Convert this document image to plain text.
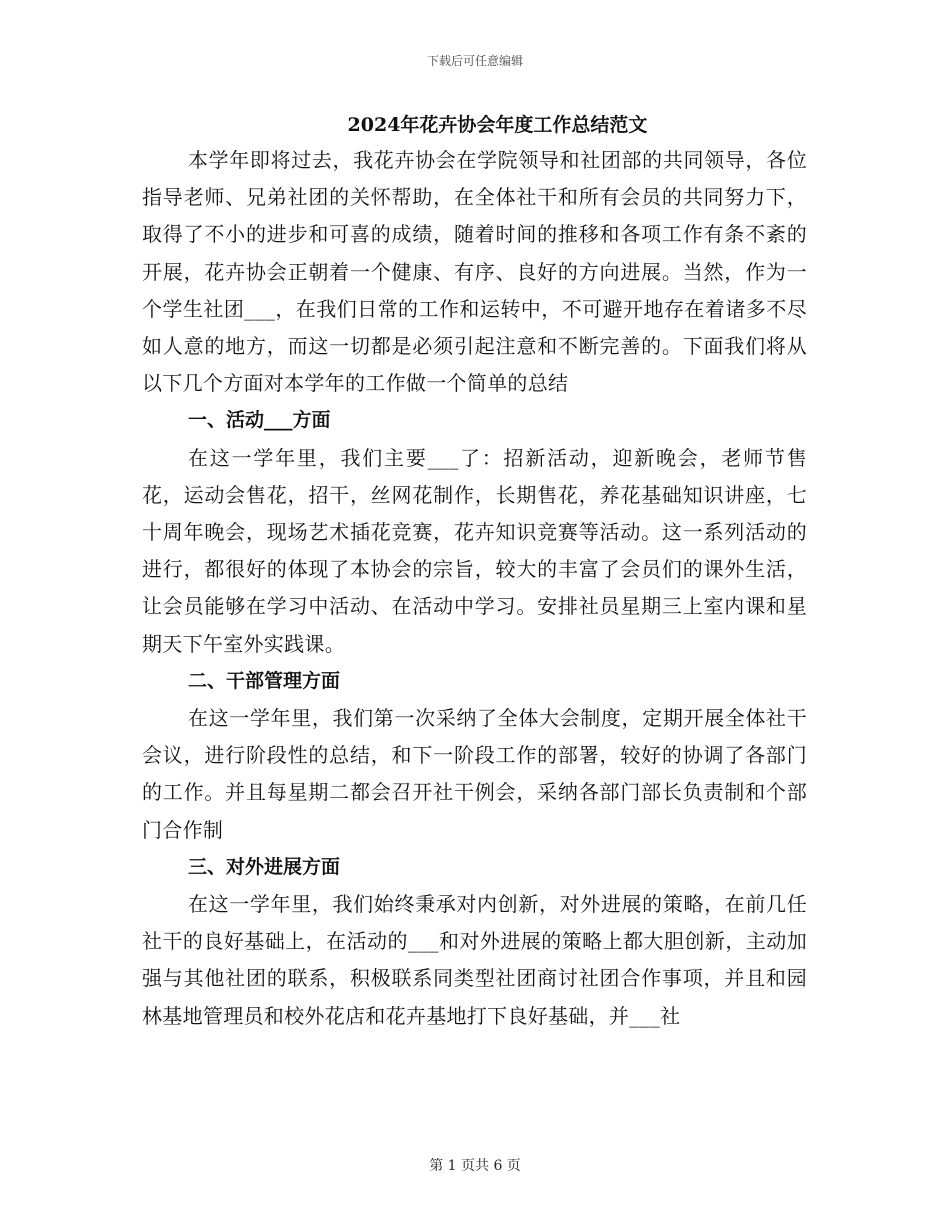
下载后可任意编辑
2024年花卉协会年度工作总结范文

本学年即将过去，我花卉协会在学院领导和社团部的共同领导，各位指导老师、兄弟社团的关怀帮助，在全体社干和所有会员的共同努力下，取得了不小的进步和可喜的成绩，随着时间的推移和各项工作有条不紊的开展，花卉协会正朝着一个健康、有序、良好的方向进展。当然，作为一个学生社团___，在我们日常的工作和运转中，不可避开地存在着诸多不尽如人意的地方，而这一切都是必须引起注意和不断完善的。下面我们将从以下几个方面对本学年的工作做一个简单的总结

一、活动___方面

在这一学年里，我们主要___了：招新活动，迎新晚会，老师节售花，运动会售花，招干，丝网花制作，长期售花，养花基础知识讲座，七十周年晚会，现场艺术插花竞赛，花卉知识竞赛等活动。这一系列活动的进行，都很好的体现了本协会的宗旨，较大的丰富了会员们的课外生活，让会员能够在学习中活动、在活动中学习。安排社员星期三上室内课和星期天下午室外实践课。

二、干部管理方面

在这一学年里，我们第一次采纳了全体大会制度，定期开展全体社干会议，进行阶段性的总结，和下一阶段工作的部署，较好的协调了各部门的工作。并且每星期二都会召开社干例会，采纳各部门部长负责制和个部门合作制

三、对外进展方面

在这一学年里，我们始终秉承对内创新，对外进展的策略，在前几任社干的良好基础上，在活动的___和对外进展的策略上都大胆创新，主动加强与其他社团的联系，积极联系同类型社团商讨社团合作事项，并且和园林基地管理员和校外花店和花卉基地打下良好基础，并___社

第 1 页共 6 页
